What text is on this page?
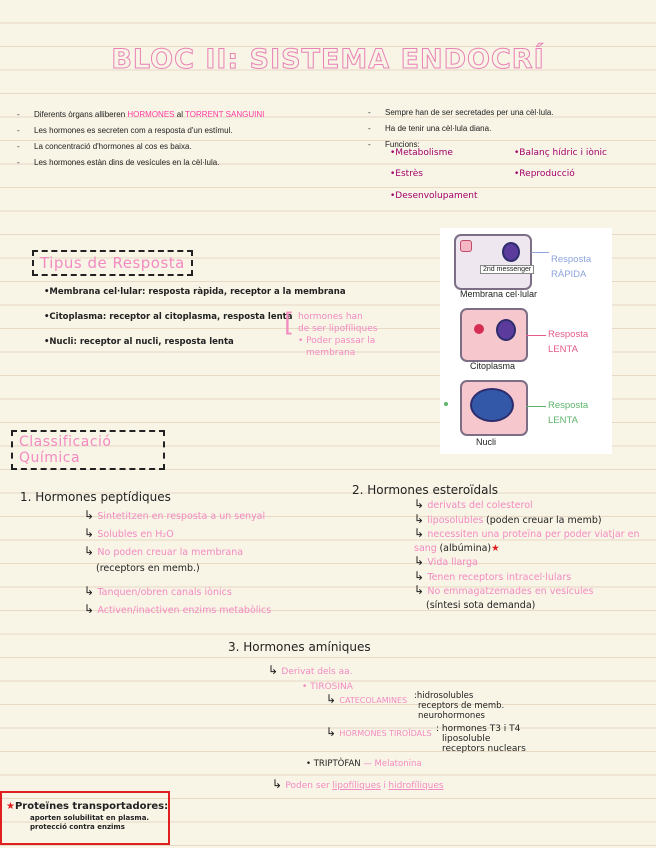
BLOC II: SISTEMA ENDOCRÍ
- Diferents òrgans alliberen HORMONES al TORRENT SANGUINI
- Les hormones es secreten com a resposta d'un estímul.
- La concentració d'hormones al cos es baixa.
- Les hormones estàn dins de vesícules en la cèl·lula.
- Sempre han de ser secretades per una cèl·lula.
- Ha de tenir una cèl·lula diana.
- Funcions:
•Metabolisme	•Balanç hídric i iònic
•Estrès	•Reproducció
•Desenvolupament
Tipus de Resposta
•Membrana cel·lular: resposta ràpida, receptor a la membrana
•Citoplasma: receptor al citoplasma, resposta lenta
•Nucli: receptor al nucli, resposta lenta
[ hormones han
de ser lipofíliques
• Poder passar la
membrana
2nd messenger
Resposta
RÀPIDA
Membrana cel·lular
Resposta
LENTA
Citoplasma
Resposta
LENTA
Nucli
Classificació Química
1. Hormones peptídiques
↳ Sintetitzen en resposta a un senyal
↳ Solubles en H₂O
↳ No poden creuar la membrana
(receptors en memb.)
↳ Tanquen/obren canals iònics
↳ Activen/inactiven enzims metabòlics
2. Hormones esteroïdals
↳ derivats del colesterol
↳ liposolubles (poden creuar la memb)
↳ necessiten una proteïna per poder viatjar en sang (albúmina)★
↳ Vida llarga
↳ Tenen receptors intracel·lulars
↳ No emmagatzemades en vesícules
(síntesi sota demanda)
3. Hormones amíniques
↳ Derivat dels aa.
• TIROSINA
↳ CATECOLAMINES :hidrosolubles
receptors de memb.
neurohormones
↳ HORMONES TIROÏDALS : hormones T3 i T4
liposoluble
receptors nuclears
• TRIPTÒFAN — Melatonina
↳ Poden ser lipofíliques i hidrofíliques
★Proteïnes transportadores:
aporten solubilitat en plasma.
protecció contra enzims
